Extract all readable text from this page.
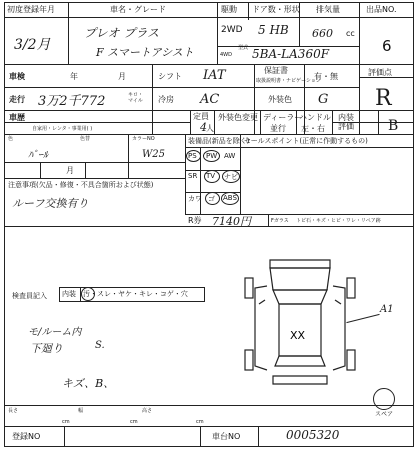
初度登録年月
3/2月
車名・グレード
プレオ プラス
F スマートアシスト
駆動 ドア数・形状
2WD 5 HB
4WD
排気量
660 cc
型式 5BA-LA360F
出品NO.
6
車検	年	月	シフト IAT	保証書
取扱説明書・ナビゲーション
有・無	評価点
R
走行 3万2千772	キロ・マイル	冷房 AC	外装色 G
車歴
自家用・レンタ・事業用( )
定員
4 人
外装色変更 ディーラー
並行
ハンドル
左・右
内装
評価 B
色
ﾊﾟｰﾙ
色替	カラーNO
W25
月
装備品(新品を除く)
セールスポイント(正常に作動するもの)
PS PW AW
SR TV ナビ
カワ ゴ ABS
R券 7140円	Fガラス トビ石・キズ・ヒビ・ワレ・リペア跡
注意事項(欠品・修復・不具合箇所および状態)
ルーフ交換有り
検査員記入 内装 汚・スレ・ヤケ・キレ・コゲ・穴
モ/ルーム内
下廻り
キズ、B、
S.
XX
A1
スペア
長さ
cm
幅
cm
高さ
cm
登録NO	車台NO	0005320
